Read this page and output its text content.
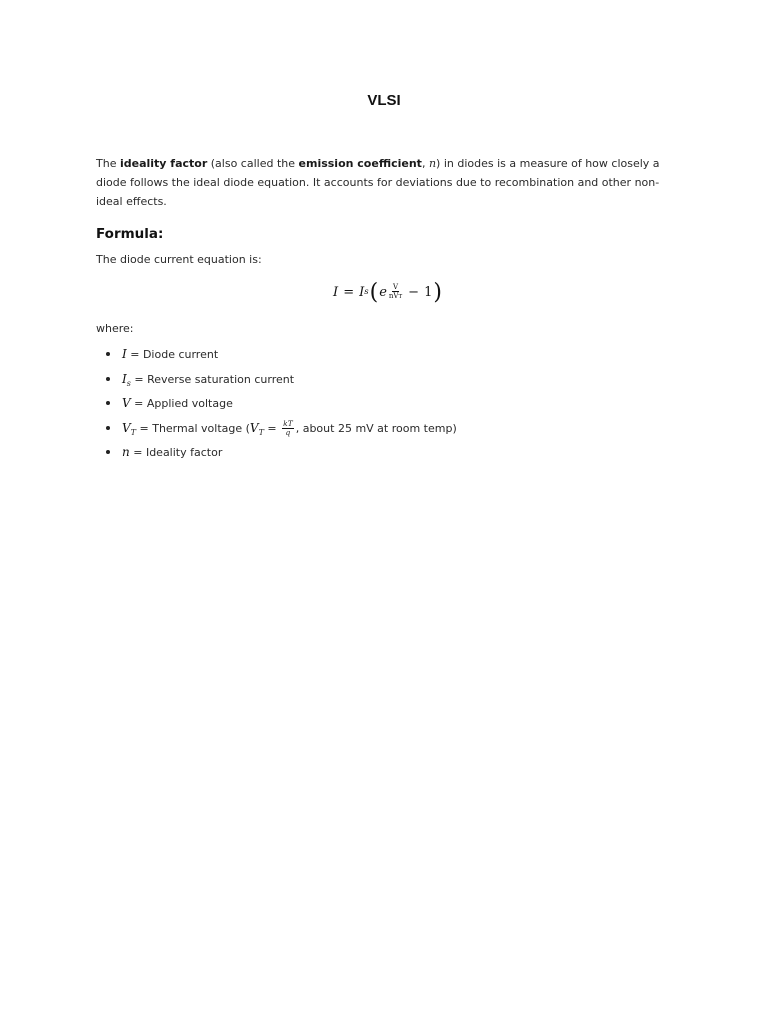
VLSI

The ideality factor (also called the emission coefficient, n) in diodes is a measure of how closely a diode follows the ideal diode equation. It accounts for deviations due to recombination and other non-ideal effects.

Formula:

The diode current equation is:

I = I s ( e $\frac{V}{\text{nVT}} - 1$ )

where:

I = Diode current
$I_s$ = Reverse saturation current
V = Applied voltage
$V_T$ = Thermal voltage ($V_T = \frac{kT}{q}$ , about 25 mV at room temp)
n = Ideality factor
